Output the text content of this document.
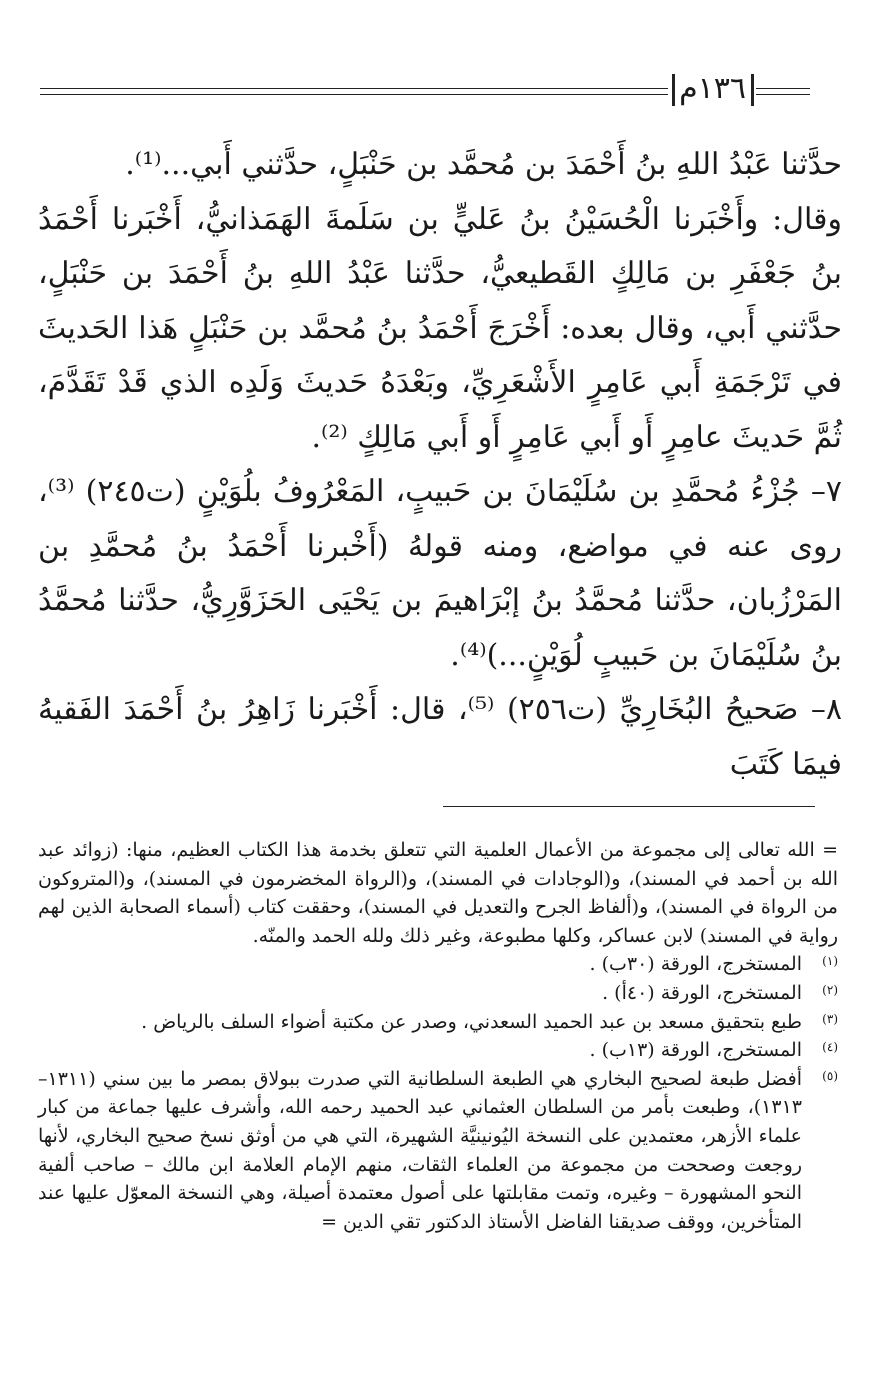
١٣٦م

حدَّثنا عَبْدُ اللهِ بنُ أَحْمَدَ بن مُحمَّد بن حَنْبَلٍ، حدَّثني أَبي...⁽¹⁾.

وقال: وأَخْبَرنا الْحُسَيْنُ بنُ عَليٍّ بن سَلَمةَ الهَمَذانيُّ، أَخْبَرنا أَحْمَدُ بنُ جَعْفَرِ بن مَالِكٍ القَطيعيُّ، حدَّثنا عَبْدُ اللهِ بنُ أَحْمَدَ بن حَنْبَلٍ، حدَّثني أَبي، وقال بعده: أَخْرَجَ أَحْمَدُ بنُ مُحمَّد بن حَنْبَلٍ هَذا الحَديثَ في تَرْجَمَةِ أَبي عَامِرٍ الأَشْعَرِيِّ، وبَعْدَهُ حَديثَ وَلَدِه الذي قَدْ تَقَدَّمَ، ثُمَّ حَديثَ عامِرٍ أَو أَبي عَامِرٍ أَو أَبي مَالِكٍ ⁽²⁾.

٧– جُزْءُ مُحمَّدِ بن سُلَيْمَانَ بن حَبيبٍ، المَعْرُوفُ بلُوَيْنٍ (ت٢٤٥) ⁽³⁾، روى عنه في مواضع، ومنه قولهُ (أَخْبرنا أَحْمَدُ بنُ مُحمَّدِ بن المَرْزُبان، حدَّثنا مُحمَّدُ بنُ إبْرَاهيمَ بن يَحْيَى الحَزَوَّرِيُّ، حدَّثنا مُحمَّدُ بنُ سُلَيْمَانَ بن حَبيبٍ لُوَيْنٍ...)⁽⁴⁾.

٨– صَحيحُ البُخَارِيِّ (ت٢٥٦) ⁽⁵⁾، قال: أَخْبَرنا زَاهِرُ بنُ أَحْمَدَ الفَقيهُ فيمَا كَتَبَ

= الله تعالى إلى مجموعة من الأعمال العلمية التي تتعلق بخدمة هذا الكتاب العظيم، منها: (زوائد عبد الله بن أحمد في المسند)، و(الوجادات في المسند)، و(الرواة المخضرمون في المسند)، و(المتروكون من الرواة في المسند)، و(ألفاظ الجرح والتعديل في المسند)، وحققت كتاب (أسماء الصحابة الذين لهم رواية في المسند) لابن عساكر، وكلها مطبوعة، وغير ذلك ولله الحمد والمنّه.

(١)
المستخرج، الورقة (٣٠ب) .
(٢)
المستخرج، الورقة (٤٠أ) .
(٣)
طبع بتحقيق مسعد بن عبد الحميد السعدني، وصدر عن مكتبة أضواء السلف بالرياض .
(٤)
المستخرج، الورقة (١٣ب) .
(٥)
أفضل طبعة لصحيح البخاري هي الطبعة السلطانية التي صدرت ببولاق بمصر ما بين سني (١٣١١–١٣١٣)، وطبعت بأمر من السلطان العثماني عبد الحميد رحمه الله، وأشرف عليها جماعة من كبار علماء الأزهر، معتمدين على النسخة اليُونينيَّة الشهيرة، التي هي من أوثق نسخ صحيح البخاري، لأنها روجعت وصححت من مجموعة من العلماء الثقات، منهم الإمام العلامة ابن مالك – صاحب ألفية النحو المشهورة – وغيره، وتمت مقابلتها على أصول معتمدة أصيلة، وهي النسخة المعوّل عليها عند المتأخرين، ووقف صديقنا الفاضل الأستاذ الدكتور تقي الدين =
